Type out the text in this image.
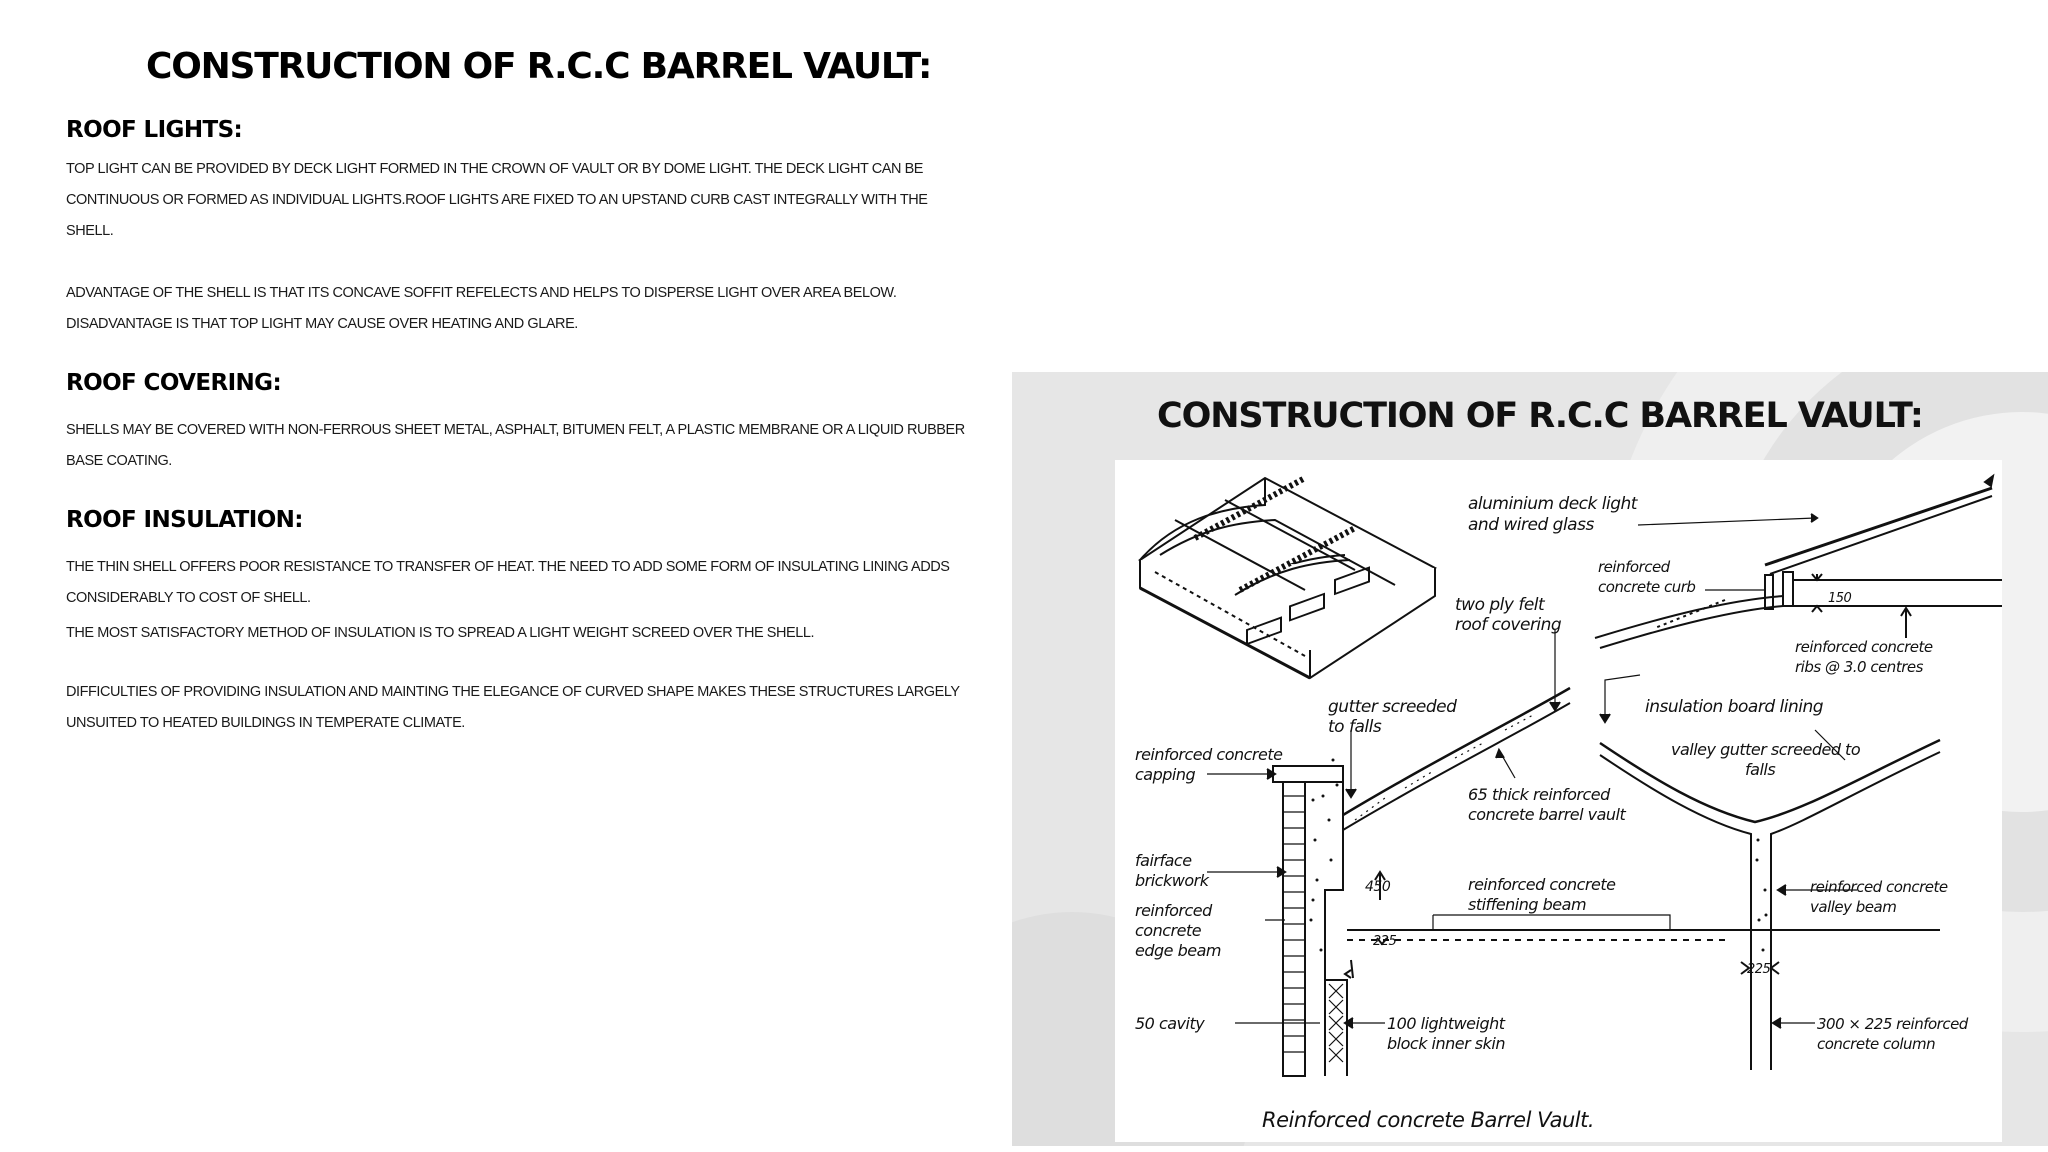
CONSTRUCTION OF R.C.C BARREL VAULT:
ROOF LIGHTS:

TOP LIGHT CAN BE PROVIDED BY DECK LIGHT FORMED IN THE CROWN OF VAULT OR BY DOME LIGHT. THE DECK LIGHT CAN BE CONTINUOUS OR FORMED AS INDIVIDUAL LIGHTS.ROOF LIGHTS ARE FIXED TO AN UPSTAND CURB CAST INTEGRALLY WITH THE SHELL.

ADVANTAGE OF THE SHELL IS THAT ITS CONCAVE SOFFIT REFELECTS AND HELPS TO DISPERSE LIGHT OVER AREA BELOW. DISADVANTAGE IS THAT TOP LIGHT MAY CAUSE OVER HEATING AND GLARE.

ROOF COVERING:

SHELLS MAY BE COVERED WITH NON-FERROUS SHEET METAL, ASPHALT, BITUMEN FELT, A PLASTIC MEMBRANE OR A LIQUID RUBBER BASE COATING.

ROOF INSULATION:

THE THIN SHELL OFFERS POOR RESISTANCE TO TRANSFER OF HEAT. THE NEED TO ADD SOME FORM OF INSULATING LINING ADDS CONSIDERABLY TO COST OF SHELL.

THE MOST SATISFACTORY METHOD OF INSULATION IS TO SPREAD A LIGHT WEIGHT SCREED OVER THE SHELL.

DIFFICULTIES OF PROVIDING INSULATION AND MAINTING THE ELEGANCE OF CURVED SHAPE MAKES THESE STRUCTURES LARGELY UNSUITED TO HEATED BUILDINGS IN TEMPERATE CLIMATE.

CONSTRUCTION OF R.C.C BARREL VAULT:
aluminium deck light
and wired glass
reinforced
concrete curb
150
two ply felt
roof covering
reinforced concrete
ribs @ 3.0 centres
gutter screeded
to falls
insulation board lining
reinforced concrete
capping
valley gutter screeded to
falls
65 thick reinforced
concrete barrel vault
fairface
brickwork	450	reinforced concrete
stiffening beam
reinforced concrete
valley beam
reinforced
concrete
edge beam	225
225
50 cavity	100 lightweight
block inner skin
300 × 225 reinforced
concrete column
Reinforced concrete Barrel Vault.
